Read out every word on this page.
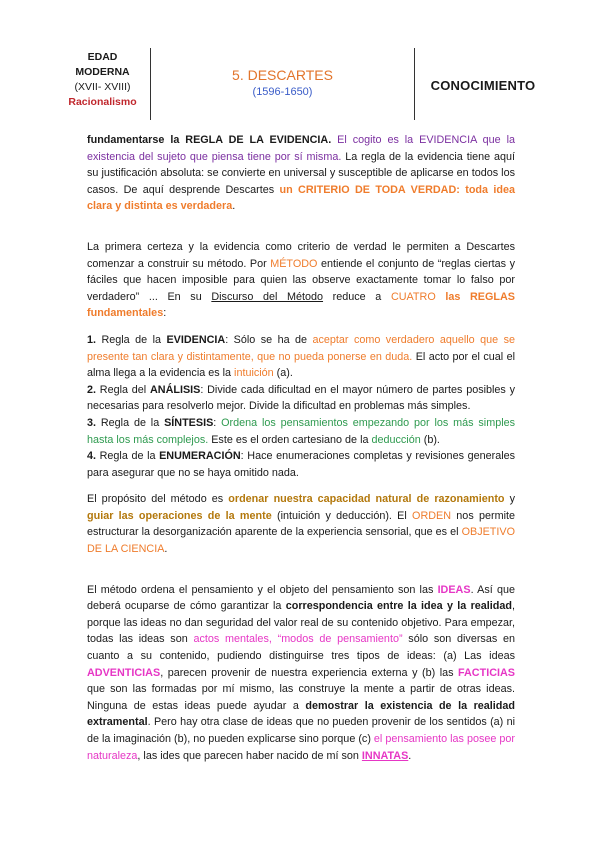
EDAD
MODERNA
(XVII- XVIII)
Racionalismo
5. DESCARTES
(1596-1650)	CONOCIMIENTO

fundamentarse la REGLA DE LA EVIDENCIA. El cogito es la EVIDENCIA que la existencia del sujeto que piensa tiene por sí misma. La regla de la evidencia tiene aquí su justificación absoluta: se convierte en universal y susceptible de aplicarse en todos los casos. De aquí desprende Descartes un CRITERIO DE TODA VERDAD: toda idea clara y distinta es verdadera.

La primera certeza y la evidencia como criterio de verdad le permiten a Descartes comenzar a construir su método. Por MÉTODO entiende el conjunto de “reglas ciertas y fáciles que hacen imposible para quien las observe exactamente tomar lo falso por verdadero” ... En su Discurso del Método reduce a CUATRO las REGLAS fundamentales:

1. Regla de la EVIDENCIA: Sólo se ha de aceptar como verdadero aquello que se presente tan clara y distintamente, que no pueda ponerse en duda. El acto por el cual el alma llega a la evidencia es la intuición (a).

2. Regla del ANÁLISIS: Divide cada dificultad en el mayor número de partes posibles y necesarias para resolverlo mejor. Divide la dificultad en problemas más simples.

3. Regla de la SÍNTESIS: Ordena los pensamientos empezando por los más simples hasta los más complejos. Este es el orden cartesiano de la deducción (b).

4. Regla de la ENUMERACIÓN: Hace enumeraciones completas y revisiones generales para asegurar que no se haya omitido nada.

El propósito del método es ordenar nuestra capacidad natural de razonamiento y guiar las operaciones de la mente (intuición y deducción). El ORDEN nos permite estructurar la desorganización aparente de la experiencia sensorial, que es el OBJETIVO DE LA CIENCIA.

El método ordena el pensamiento y el objeto del pensamiento son las IDEAS. Así que deberá ocuparse de cómo garantizar la correspondencia entre la idea y la realidad, porque las ideas no dan seguridad del valor real de su contenido objetivo. Para empezar, todas las ideas son actos mentales, “modos de pensamiento” sólo son diversas en cuanto a su contenido, pudiendo distinguirse tres tipos de ideas: (a) Las ideas ADVENTICIAS, parecen provenir de nuestra experiencia externa y (b) las FACTICIAS que son las formadas por mí mismo, las construye la mente a partir de otras ideas. Ninguna de estas ideas puede ayudar a demostrar la existencia de la realidad extramental. Pero hay otra clase de ideas que no pueden provenir de los sentidos (a) ni de la imaginación (b), no pueden explicarse sino porque (c) el pensamiento las posee por naturaleza, las ides que parecen haber nacido de mí son INNATAS.
